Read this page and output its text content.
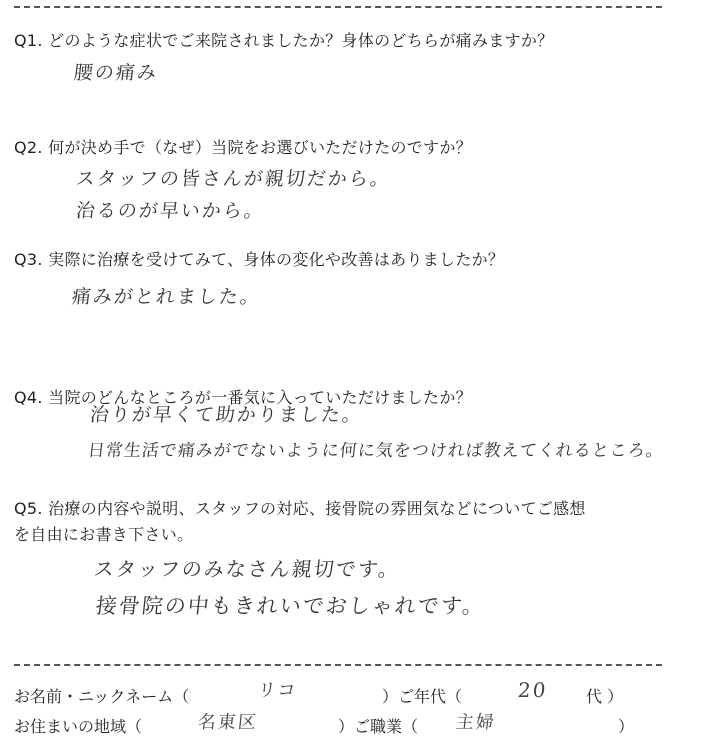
Q1. どのような症状でご来院されましたか？身体のどちらが痛みますか？
腰の痛み
Q2. 何が決め手で（なぜ）当院をお選びいただけたのですか？
スタッフの皆さんが親切だから。
治るのが早いから。
Q3. 実際に治療を受けてみて、身体の変化や改善はありましたか？
痛みがとれました。
Q4. 当院のどんなところが一番気に入っていただけましたか？
治りが早くて助かりました。
日常生活で痛みがでないように何に気をつければ教えてくれるところ。
Q5. 治療の内容や説明、スタッフの対応、接骨院の雰囲気などについてご感想
を自由にお書き下さい。
スタッフのみなさん親切です。
接骨院の中もきれいでおしゃれです。
お名前・ニックネーム（	リコ	）ご年代（	20 代 ）
お住まいの地域（	名東区	）ご職業（ 主婦	）
